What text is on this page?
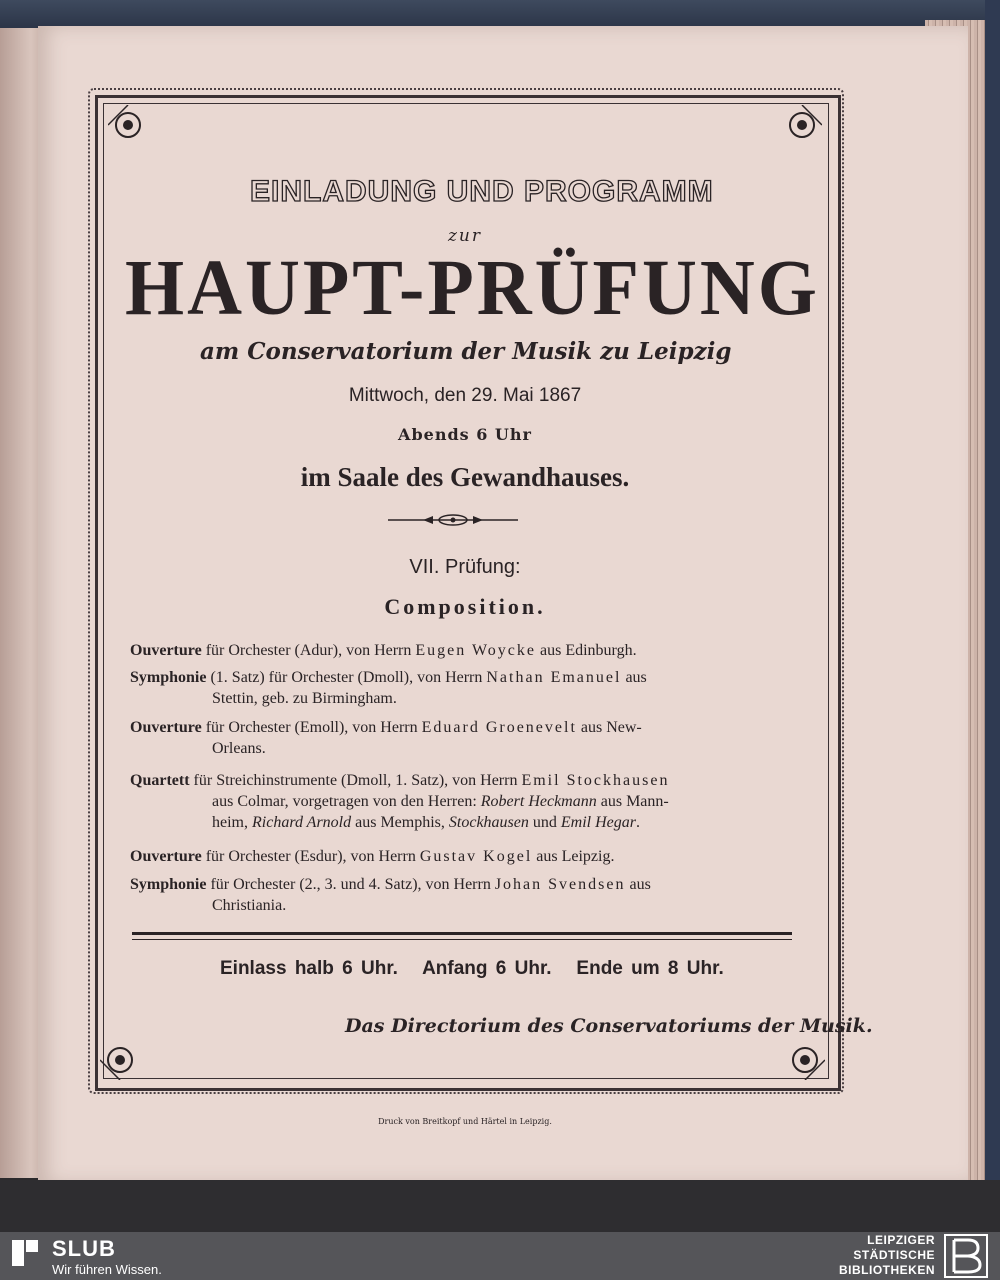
EINLADUNG UND PROGRAMM
zur
HAUPT-PRÜFUNG
am Conservatorium der Musik zu Leipzig
Mittwoch, den 29. Mai 1867
Abends 6 Uhr
im Saale des Gewandhauses.
VII. Prüfung:
Composition.
Ouverture für Orchester (Adur), von Herrn Eugen Woycke aus Edinburgh.
Symphonie (1. Satz) für Orchester (Dmoll), von Herrn Nathan Emanuel aus
Stettin, geb. zu Birmingham.
Ouverture für Orchester (Emoll), von Herrn Eduard Groenevelt aus New-
Orleans.
Quartett für Streichinstrumente (Dmoll, 1. Satz), von Herrn Emil Stockhausen
aus Colmar, vorgetragen von den Herren: Robert Heckmann aus Mann-
heim, Richard Arnold aus Memphis, Stockhausen und Emil Hegar.
Ouverture für Orchester (Esdur), von Herrn Gustav Kogel aus Leipzig.
Symphonie für Orchester (2., 3. und 4. Satz), von Herrn Johan Svendsen aus
Christiania.
Einlass halb 6 Uhr.   Anfang 6 Uhr.   Ende um 8 Uhr.
Das Directorium des Conservatoriums der Musik.
Druck von Breitkopf und Härtel in Leipzig.
SLUB
Wir führen Wissen.
LEIPZIGER
STÄDTISCHE
BIBLIOTHEKEN
